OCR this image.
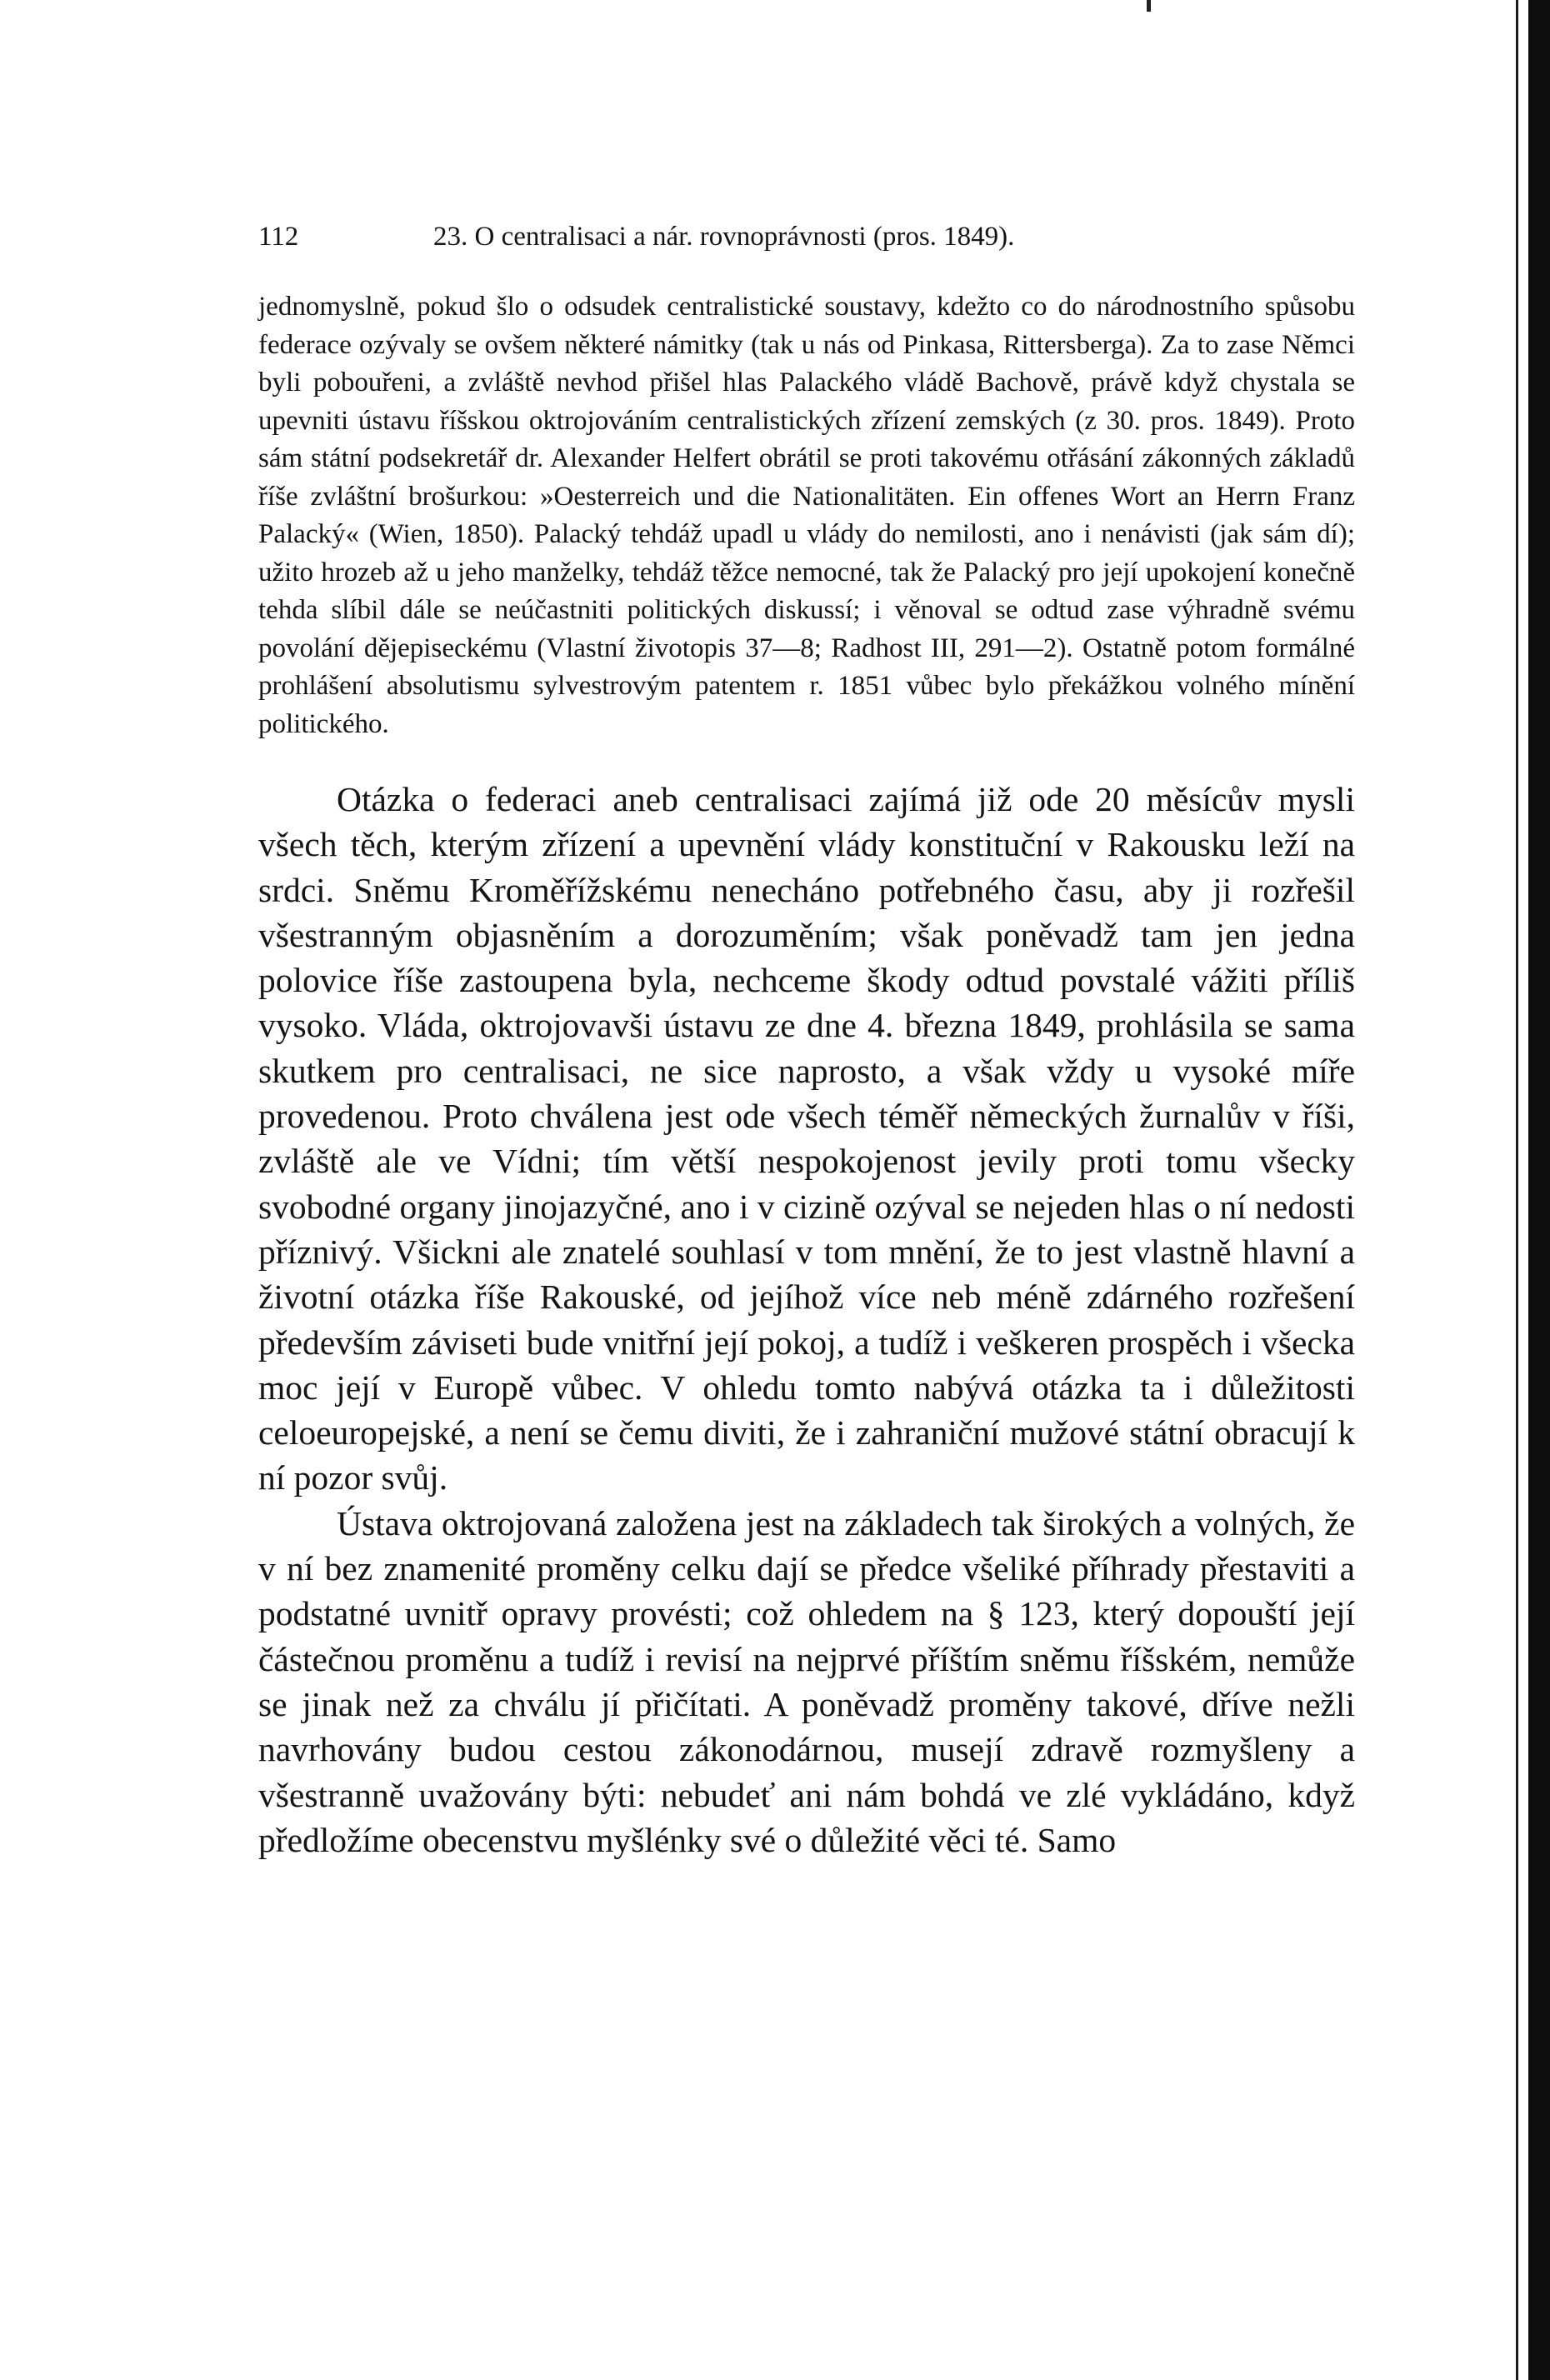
112	23. O centralisaci a nár. rovnoprávnosti (pros. 1849).
jednomyslně, pokud šlo o odsudek centralistické soustavy, kdežto co do národnostního spůsobu federace ozývaly se ovšem některé námitky (tak u nás od Pinkasa, Rittersberga). Za to zase Němci byli pobouřeni, a zvláště nevhod přišel hlas Palackého vládě Bachově, právě když chystala se upevniti ústavu říšskou oktrojováním centralistických zřízení zemských (z 30. pros. 1849). Proto sám státní podsekretář dr. Alexander Helfert obrátil se proti takovému otřásání zákonných základů říše zvláštní brošurkou: »Oesterreich und die Nationalitäten. Ein offenes Wort an Herrn Franz Palacký« (Wien, 1850). Palacký tehdáž upadl u vlády do nemilosti, ano i nenávisti (jak sám dí); užito hrozeb až u jeho manželky, tehdáž těžce nemocné, tak že Palacký pro její upokojení konečně tehda slíbil dále se neúčastniti politických diskussí; i věnoval se odtud zase výhradně svému povolání dějepiseckému (Vlastní životopis 37—8; Radhost III, 291—2). Ostatně potom formálné prohlášení absolutismu sylvestrovým patentem r. 1851 vůbec bylo překážkou volného mínění politického.

Otázka o federaci aneb centralisaci zajímá již ode 20 měsícův mysli všech těch, kterým zřízení a upevnění vlády konstituční v Rakousku leží na srdci. Sněmu Kroměřížskému nenecháno potřebného času, aby ji rozřešil všestranným objasněním a dorozuměním; však poněvadž tam jen jedna polovice říše zastoupena byla, nechceme škody odtud povstalé vážiti příliš vysoko. Vláda, oktrojovavši ústavu ze dne 4. března 1849, prohlásila se sama skutkem pro centralisaci, ne sice naprosto, a však vždy u vysoké míře provedenou. Proto chválena jest ode všech téměř německých žurnalův v říši, zvláště ale ve Vídni; tím větší nespokojenost jevily proti tomu všecky svobodné organy jinojazyčné, ano i v cizině ozýval se nejeden hlas o ní nedosti příznivý. Všickni ale znatelé souhlasí v tom mnění, že to jest vlastně hlavní a životní otázka říše Rakouské, od jejíhož více neb méně zdárného rozřešení především záviseti bude vnitřní její pokoj, a tudíž i veškeren prospěch i všecka moc její v Europě vůbec. V ohledu tomto nabývá otázka ta i důležitosti celoeuropejské, a není se čemu diviti, že i zahraniční mužové státní obracují k ní pozor svůj.

Ústava oktrojovaná založena jest na základech tak širokých a volných, že v ní bez znamenité proměny celku dají se předce všeliké příhrady přestaviti a podstatné uvnitř opravy provésti; což ohledem na § 123, který dopouští její částečnou proměnu a tudíž i revisí na nejprvé příštím sněmu říšském, nemůže se jinak než za chválu jí přičítati. A poněvadž proměny takové, dříve nežli navrhovány budou cestou zákonodárnou, musejí zdravě rozmyšleny a všestranně uvažovány býti: nebudeť ani nám bohdá ve zlé vykládáno, když předložíme obecenstvu myšlénky své o důležité věci té. Samo
